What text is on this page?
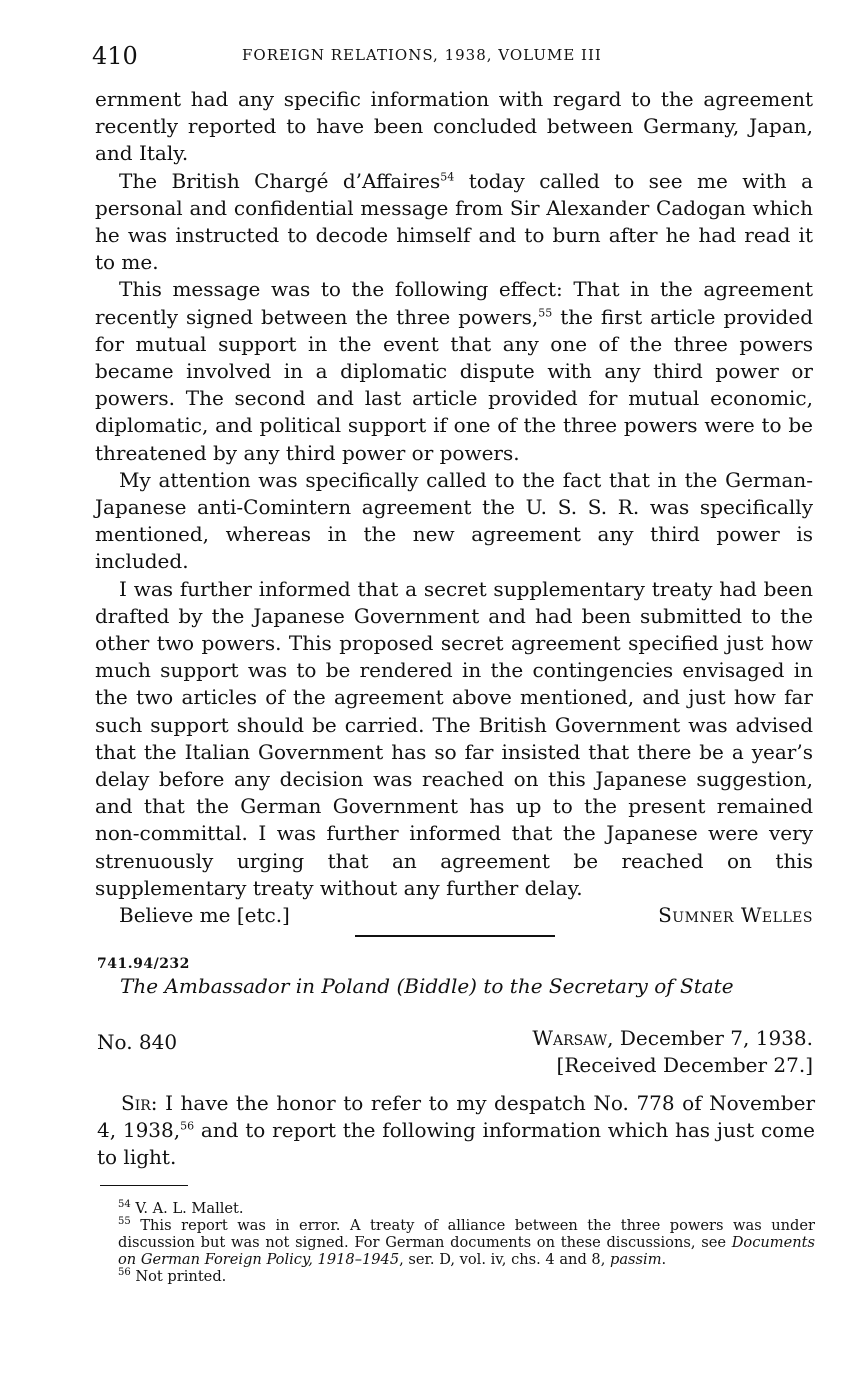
410	FOREIGN RELATIONS, 1938, VOLUME III

ernment had any specific information with regard to the agreement recently reported to have been concluded between Germany, Japan, and Italy.

The British Chargé d’Affaires$^{54}$ today called to see me with a personal and confidential message from Sir Alexander Cadogan which he was instructed to decode himself and to burn after he had read it to me.

This message was to the following effect: That in the agreement recently signed between the three powers,$^{55}$ the first article provided for mutual support in the event that any one of the three powers became involved in a diplomatic dispute with any third power or powers. The second and last article provided for mutual economic, diplomatic, and political support if one of the three powers were to be threatened by any third power or powers.

My attention was specifically called to the fact that in the German-Japanese anti-Comintern agreement the U. S. S. R. was specifically mentioned, whereas in the new agreement any third power is included.

I was further informed that a secret supplementary treaty had been drafted by the Japanese Government and had been submitted to the other two powers. This proposed secret agreement specified just how much support was to be rendered in the contingencies envisaged in the two articles of the agreement above mentioned, and just how far such support should be carried. The British Government was advised that the Italian Government has so far insisted that there be a year’s delay before any decision was reached on this Japanese suggestion, and that the German Government has up to the present remained non-committal. I was further informed that the Japanese were very strenuously urging that an agreement be reached on this supplementary treaty without any further delay.

Believe me [etc.]	Sumner Welles

741.94/232
The Ambassador in Poland (Biddle) to the Secretary of State
No. 840	Warsaw, December 7, 1938.
[Received December 27.]

Sir: I have the honor to refer to my despatch No. 778 of November 4, 1938,56 and to report the following information which has just come to light.

$^{54}$ V. A. L. Mallet.

$^{55}$ This report was in error. A treaty of alliance between the three powers was under discussion but was not signed. For German documents on these discussions, see Documents on German Foreign Policy, 1918–1945, ser. D, vol. iv, chs. 4 and 8, passim.

$^{56}$ Not printed.
